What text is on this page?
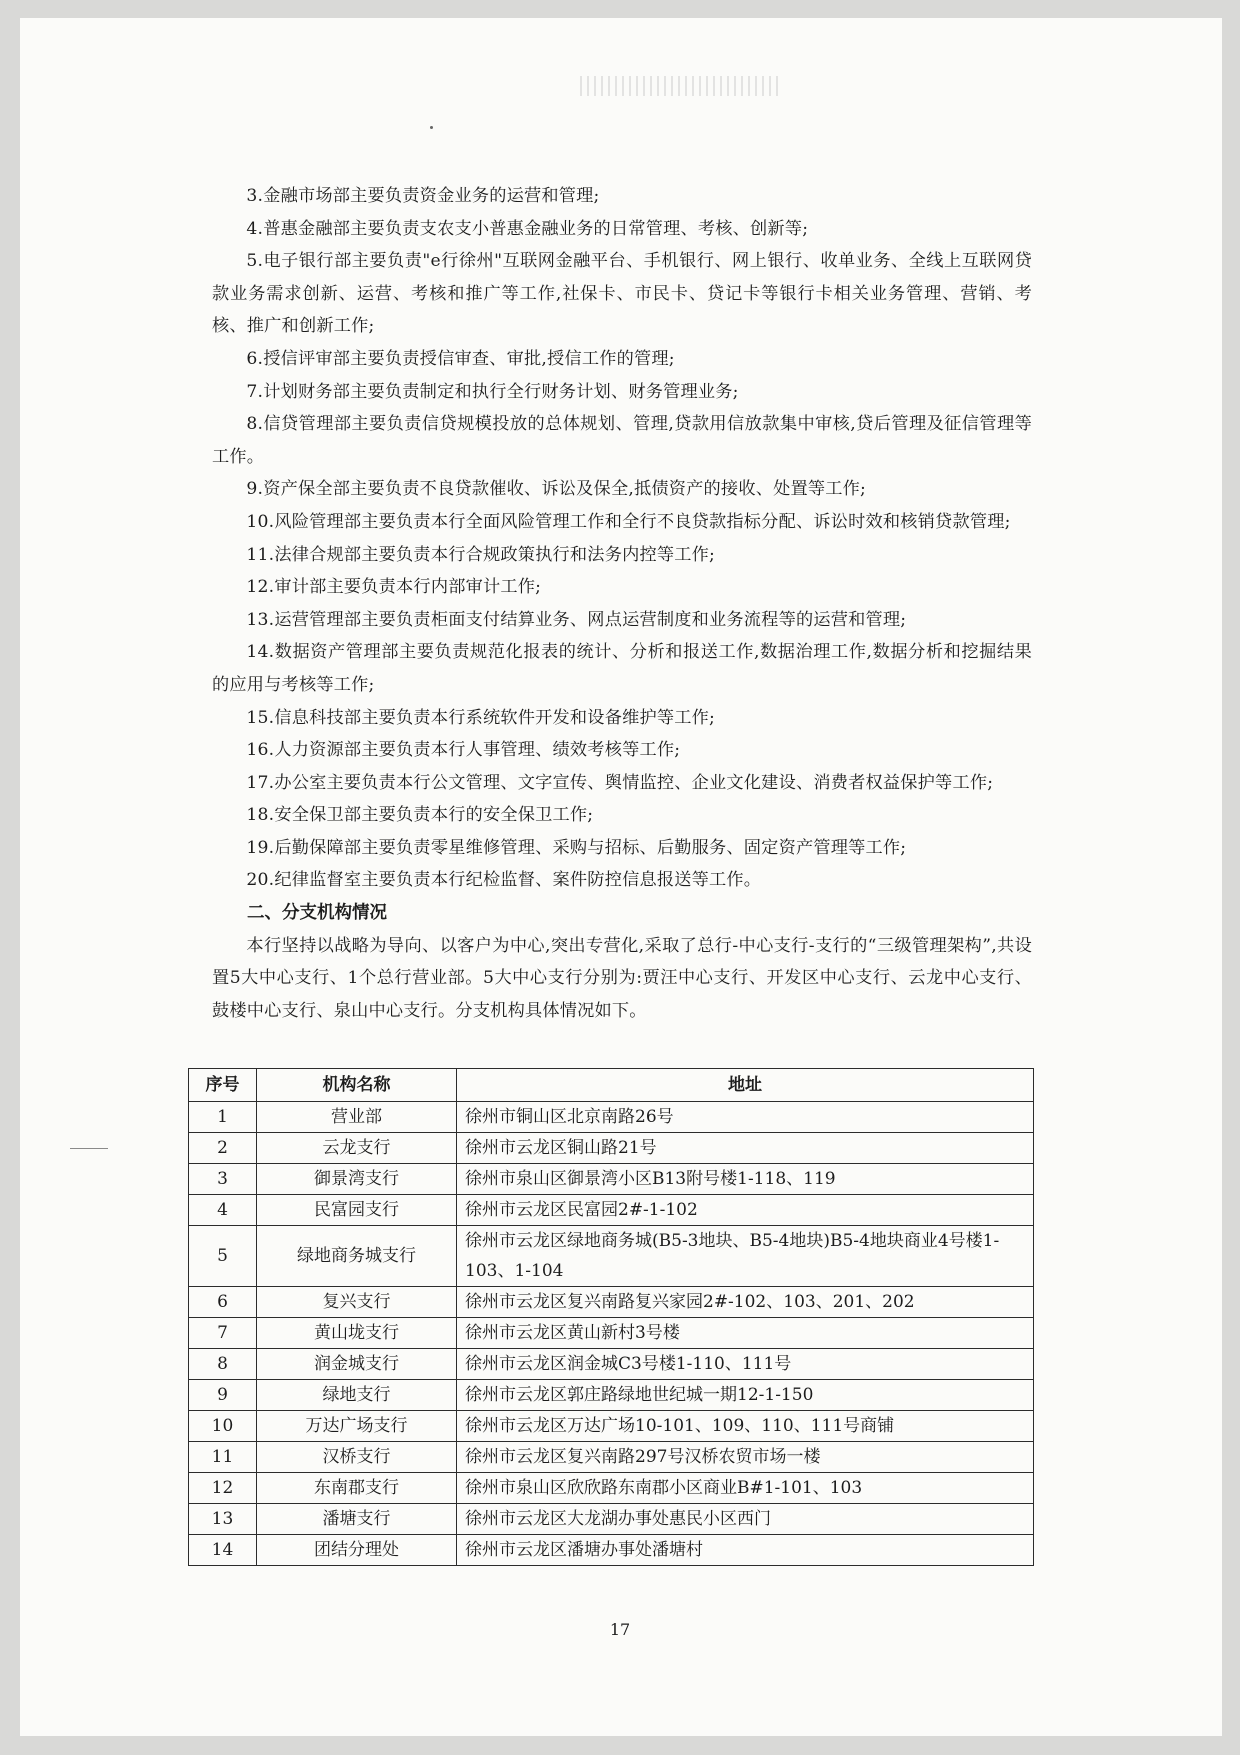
3.金融市场部主要负责资金业务的运营和管理;

4.普惠金融部主要负责支农支小普惠金融业务的日常管理、考核、创新等;

5.电子银行部主要负责"e行徐州"互联网金融平台、手机银行、网上银行、收单业务、全线上互联网贷款业务需求创新、运营、考核和推广等工作,社保卡、市民卡、贷记卡等银行卡相关业务管理、营销、考核、推广和创新工作;

6.授信评审部主要负责授信审查、审批,授信工作的管理;

7.计划财务部主要负责制定和执行全行财务计划、财务管理业务;

8.信贷管理部主要负责信贷规模投放的总体规划、管理,贷款用信放款集中审核,贷后管理及征信管理等工作。

9.资产保全部主要负责不良贷款催收、诉讼及保全,抵债资产的接收、处置等工作;

10.风险管理部主要负责本行全面风险管理工作和全行不良贷款指标分配、诉讼时效和核销贷款管理;

11.法律合规部主要负责本行合规政策执行和法务内控等工作;

12.审计部主要负责本行内部审计工作;

13.运营管理部主要负责柜面支付结算业务、网点运营制度和业务流程等的运营和管理;

14.数据资产管理部主要负责规范化报表的统计、分析和报送工作,数据治理工作,数据分析和挖掘结果的应用与考核等工作;

15.信息科技部主要负责本行系统软件开发和设备维护等工作;

16.人力资源部主要负责本行人事管理、绩效考核等工作;

17.办公室主要负责本行公文管理、文字宣传、舆情监控、企业文化建设、消费者权益保护等工作;

18.安全保卫部主要负责本行的安全保卫工作;

19.后勤保障部主要负责零星维修管理、采购与招标、后勤服务、固定资产管理等工作;

20.纪律监督室主要负责本行纪检监督、案件防控信息报送等工作。

二、分支机构情况

本行坚持以战略为导向、以客户为中心,突出专营化,采取了总行-中心支行-支行的“三级管理架构”,共设置5大中心支行、1个总行营业部。5大中心支行分别为:贾汪中心支行、开发区中心支行、云龙中心支行、鼓楼中心支行、泉山中心支行。分支机构具体情况如下。

序号	机构名称	地址
1	营业部	徐州市铜山区北京南路26号
2	云龙支行	徐州市云龙区铜山路21号
3	御景湾支行	徐州市泉山区御景湾小区B13附号楼1-118、119
4	民富园支行	徐州市云龙区民富园2#-1-102
5	绿地商务城支行	徐州市云龙区绿地商务城(B5-3地块、B5-4地块)B5-4地块商业4号楼1-103、1-104
6	复兴支行	徐州市云龙区复兴南路复兴家园2#-102、103、201、202
7	黄山垅支行	徐州市云龙区黄山新村3号楼
8	润金城支行	徐州市云龙区润金城C3号楼1-110、111号
9	绿地支行	徐州市云龙区郭庄路绿地世纪城一期12-1-150
10	万达广场支行	徐州市云龙区万达广场10-101、109、110、111号商铺
11	汉桥支行	徐州市云龙区复兴南路297号汉桥农贸市场一楼
12	东南郡支行	徐州市泉山区欣欣路东南郡小区商业B#1-101、103
13	潘塘支行	徐州市云龙区大龙湖办事处惠民小区西门
14	团结分理处	徐州市云龙区潘塘办事处潘塘村
17
